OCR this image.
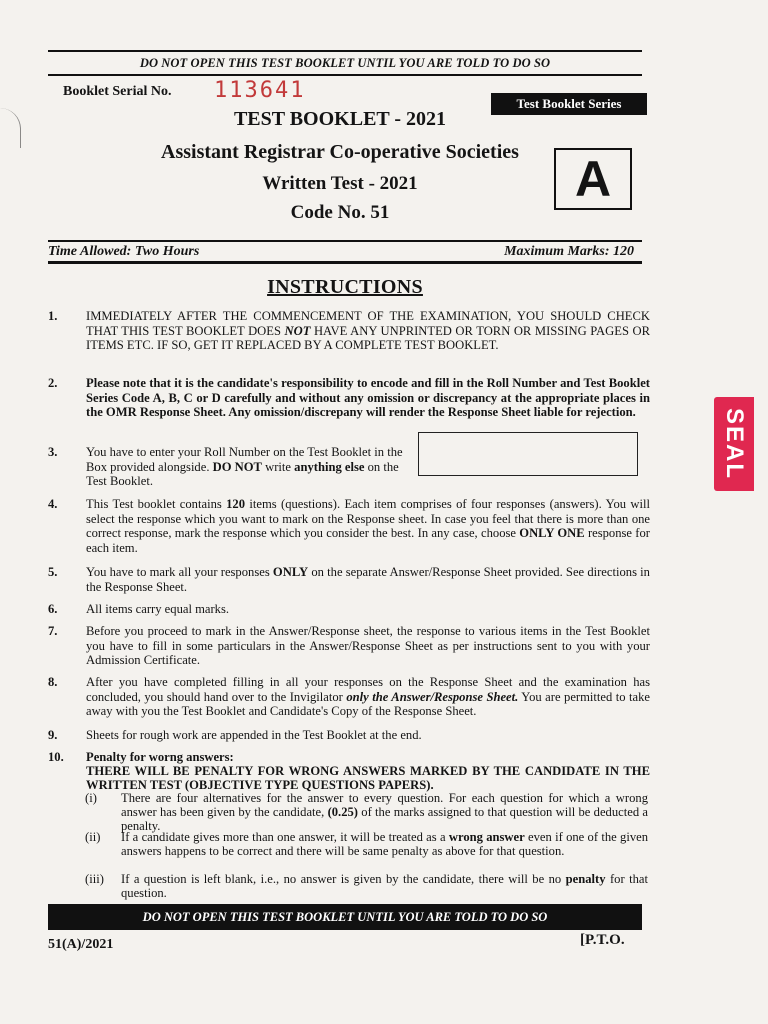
DO NOT OPEN THIS TEST BOOKLET UNTIL YOU ARE TOLD TO DO SO
Booklet Serial No. 113641
Test Booklet Series
A
TEST BOOKLET - 2021
Assistant Registrar Co-operative Societies
Written Test - 2021
Code No. 51
Time Allowed: Two Hours	Maximum Marks: 120
INSTRUCTIONS
1. IMMEDIATELY AFTER THE COMMENCEMENT OF THE EXAMINATION, YOU SHOULD CHECK THAT THIS TEST BOOKLET DOES NOT HAVE ANY UNPRINTED OR TORN OR MISSING PAGES OR ITEMS ETC. IF SO, GET IT REPLACED BY A COMPLETE TEST BOOKLET.
2. Please note that it is the candidate's responsibility to encode and fill in the Roll Number and Test Booklet Series Code A, B, C or D carefully and without any omission or discrepancy at the appropriate places in the OMR Response Sheet. Any omission/discrepany will render the Response Sheet liable for rejection.
3. You have to enter your Roll Number on the Test Booklet in the Box provided alongside. DO NOT write anything else on the Test Booklet.
4. This Test booklet contains 120 items (questions). Each item comprises of four responses (answers). You will select the response which you want to mark on the Response sheet. In case you feel that there is more than one correct response, mark the response which you consider the best. In any case, choose ONLY ONE response for each item.
5. You have to mark all your responses ONLY on the separate Answer/Response Sheet provided. See directions in the Response Sheet.
6. All items carry equal marks.
7. Before you proceed to mark in the Answer/Response sheet, the response to various items in the Test Booklet you have to fill in some particulars in the Answer/Response Sheet as per instructions sent to you with your Admission Certificate.
8. After you have completed filling in all your responses on the Response Sheet and the examination has concluded, you should hand over to the Invigilator only the Answer/Response Sheet. You are permitted to take away with you the Test Booklet and Candidate's Copy of the Response Sheet.
9. Sheets for rough work are appended in the Test Booklet at the end.
10. Penalty for worng answers:
THERE WILL BE PENALTY FOR WRONG ANSWERS MARKED BY THE CANDIDATE IN THE WRITTEN TEST (OBJECTIVE TYPE QUESTIONS PAPERS).
(i) There are four alternatives for the answer to every question. For each question for which a wrong answer has been given by the candidate, (0.25) of the marks assigned to that question will be deducted a penalty.
(ii) If a candidate gives more than one answer, it will be treated as a wrong answer even if one of the given answers happens to be correct and there will be same penalty as above for that question.
(iii) If a question is left blank, i.e., no answer is given by the candidate, there will be no penalty for that question.
DO NOT OPEN THIS TEST BOOKLET UNTIL YOU ARE TOLD TO DO SO
51(A)/2021	[P.T.O.
SEAL
